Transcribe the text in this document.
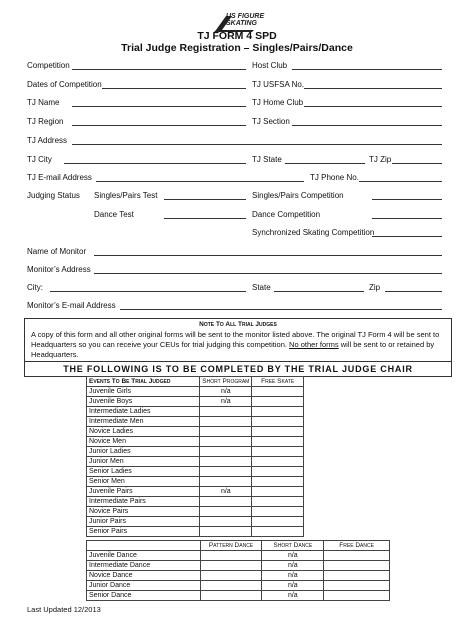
US FIGURE SKATING
TJ FORM 4 SPD
Trial Judge Registration – Singles/Pairs/Dance
Competition	Host Club
Dates of Competition	TJ USFSA No.
TJ Name	TJ Home Club
TJ Region	TJ Section
TJ Address
TJ City	TJ State	TJ Zip
TJ E-mail Address	TJ Phone No.
Judging Status Singles/Pairs Test	Singles/Pairs Competition
Dance Test	Dance Competition
Synchronized Skating Competition
Name of Monitor
Monitor’s Address
City:	State	Zip
Monitor’s E-mail Address
Note To All Trial Judges
A copy of this form and all other original forms will be sent to the monitor listed above. The original TJ Form 4 will be sent to Headquarters so you can receive your CEUs for trial judging this competition. No other forms will be sent to or retained by Headquarters.
THE FOLLOWING IS TO BE COMPLETED BY THE TRIAL JUDGE CHAIR
Events To Be Trial Judged	Short Program	Free Skate
Juvenile Girls	n/a	
Juvenile Boys	n/a	
Intermediate Ladies		
Intermediate Men		
Novice Ladies		
Novice Men		
Junior Ladies		
Junior Men		
Senior Ladies		
Senior Men		
Juvenile Pairs	n/a	
Intermediate Pairs		
Novice Pairs		
Junior Pairs		
Senior Pairs		
	Pattern Dance	Short Dance	Free Dance
Juvenile Dance		n/a	
Intermediate Dance		n/a	
Novice Dance		n/a	
Junior Dance		n/a	
Senior Dance		n/a	
Last Updated 12/2013
